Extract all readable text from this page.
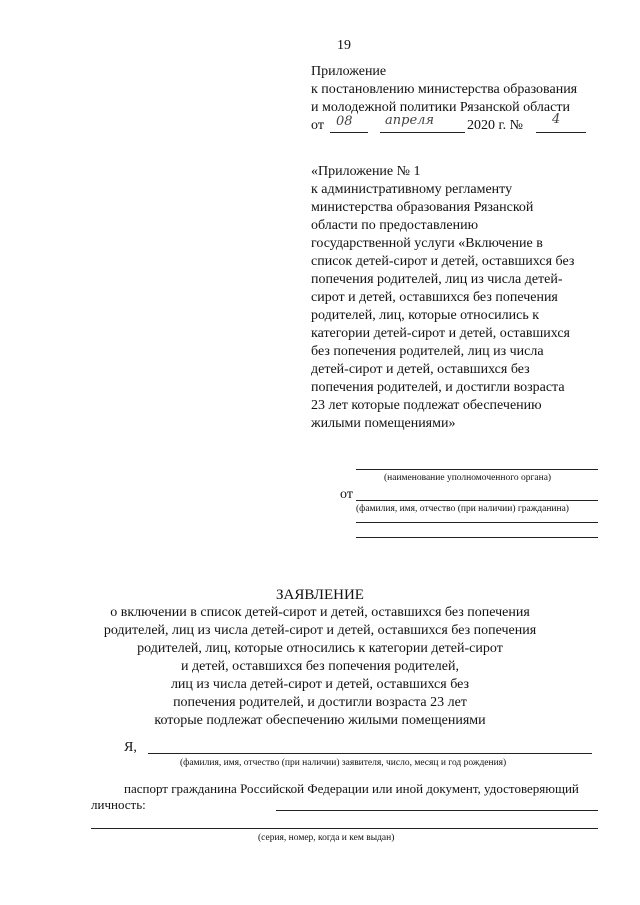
19
Приложение
к постановлению министерства образования
и молодежной политики Рязанской области
от 08 апреля 2020 г. № 4
«Приложение № 1
к административному регламенту
министерства образования Рязанской
области по предоставлению
государственной услуги «Включение в
список детей-сирот и детей, оставшихся без
попечения родителей, лиц из числа детей-
сирот и детей, оставшихся без попечения
родителей, лиц, которые относились к
категории детей-сирот и детей, оставшихся
без попечения родителей, лиц из числа
детей-сирот и детей, оставшихся без
попечения родителей, и достигли возраста
23 лет которые подлежат обеспечению
жилыми помещениями»
(наименование уполномоченного органа)
от
(фамилия, имя, отчество (при наличии) гражданина)
ЗАЯВЛЕНИЕ
о включении в список детей-сирот и детей, оставшихся без попечения
родителей, лиц из числа детей-сирот и детей, оставшихся без попечения
родителей, лиц, которые относились к категории детей-сирот
и детей, оставшихся без попечения родителей,
лиц из числа детей-сирот и детей, оставшихся без
попечения родителей, и достигли возраста 23 лет
которые подлежат обеспечению жилыми помещениями
Я,
(фамилия, имя, отчество (при наличии) заявителя, число, месяц и год рождения)
паспорт гражданина Российской Федерации или иной документ, удостоверяющий
личность:
(серия, номер, когда и кем выдан)
